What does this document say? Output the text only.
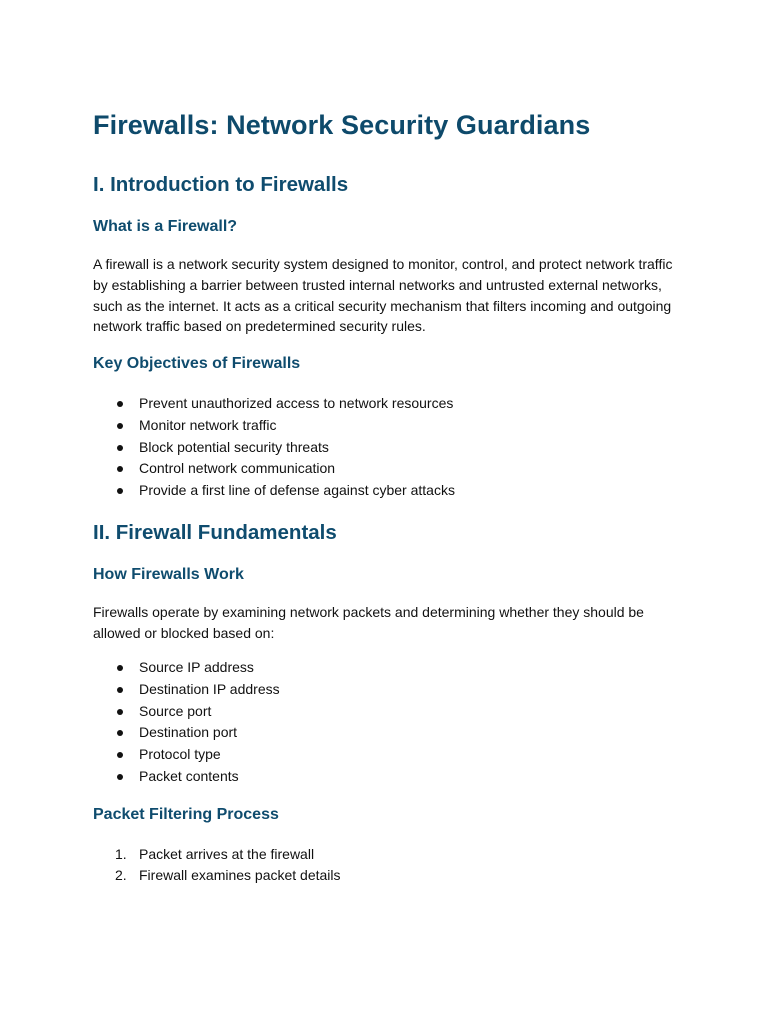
Firewalls: Network Security Guardians
I. Introduction to Firewalls
What is a Firewall?

A firewall is a network security system designed to monitor, control, and protect network traffic by establishing a barrier between trusted internal networks and untrusted external networks, such as the internet. It acts as a critical security mechanism that filters incoming and outgoing network traffic based on predetermined security rules.

Key Objectives of Firewalls
Prevent unauthorized access to network resources
Monitor network traffic
Block potential security threats
Control network communication
Provide a first line of defense against cyber attacks
II. Firewall Fundamentals
How Firewalls Work

Firewalls operate by examining network packets and determining whether they should be allowed or blocked based on:

Source IP address
Destination IP address
Source port
Destination port
Protocol type
Packet contents
Packet Filtering Process
1. Packet arrives at the firewall
2. Firewall examines packet details
